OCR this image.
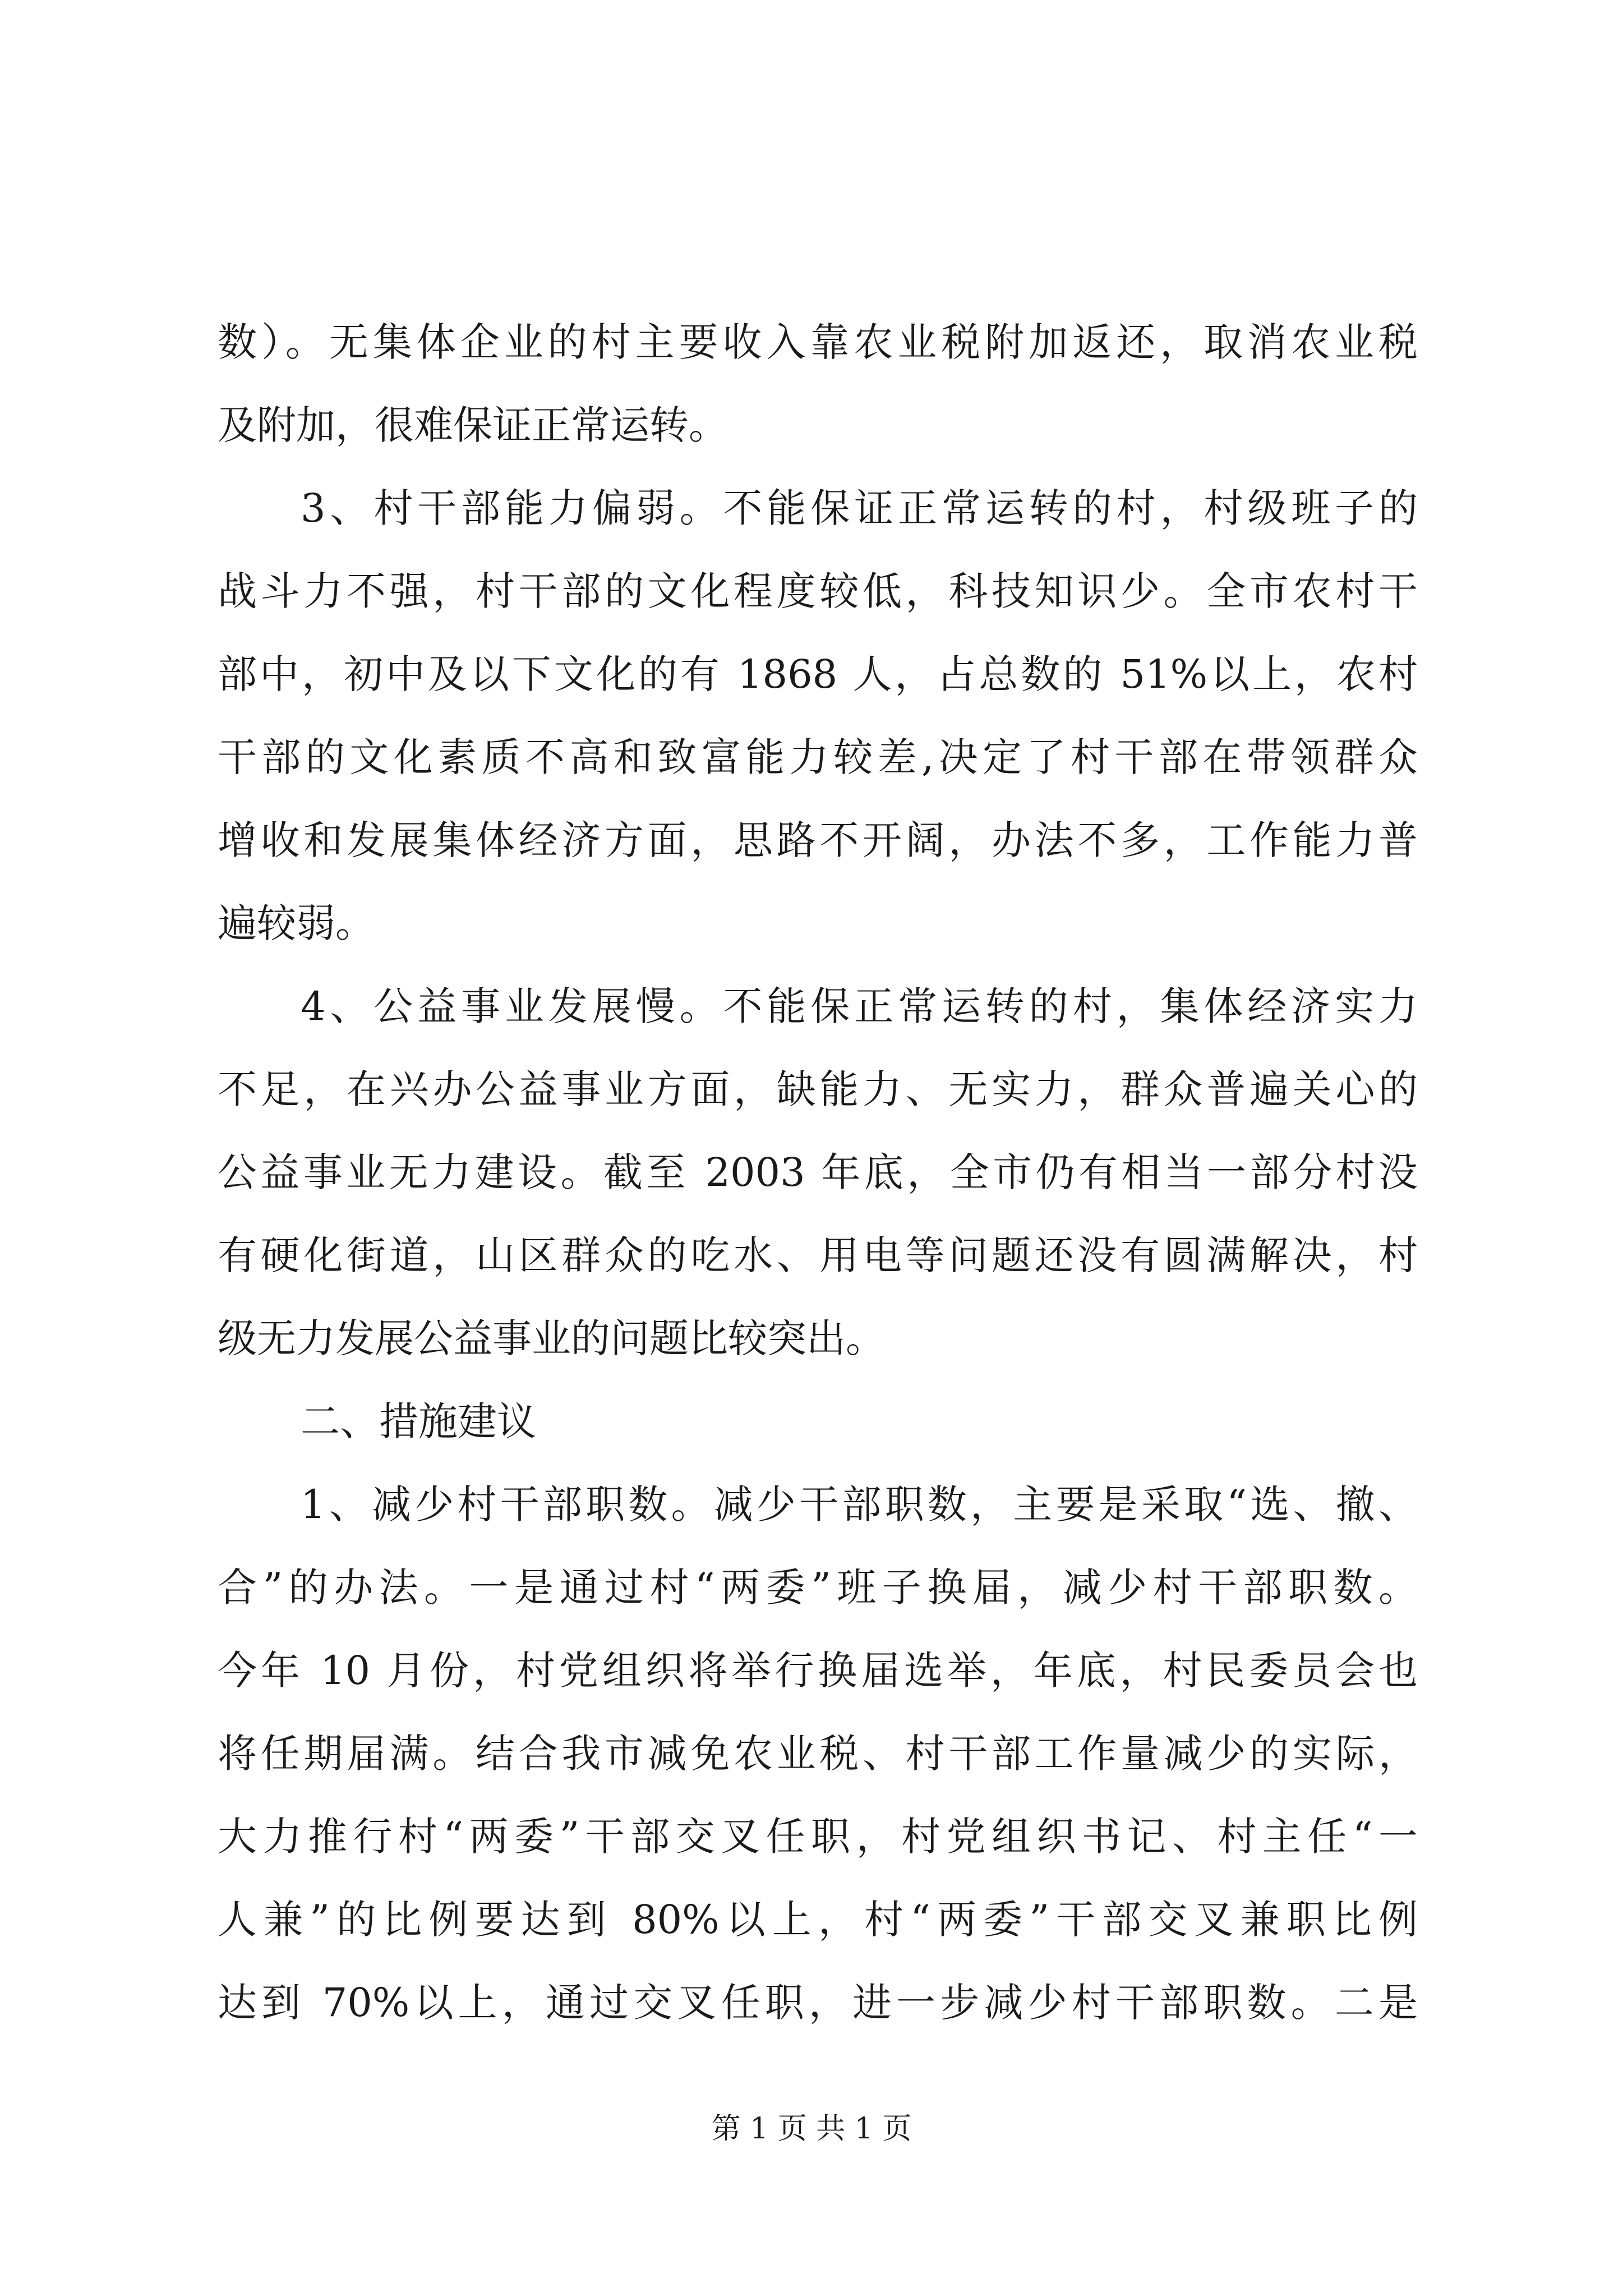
数）。无集体企业的村主要收入靠农业税附加返还，取消农业税
及附加，很难保证正常运转。
3、村干部能力偏弱。不能保证正常运转的村，村级班子的
战斗力不强，村干部的文化程度较低，科技知识少。全市农村干
部中，初中及以下文化的有 1868 人，占总数的 51%以上，农村
干部的文化素质不高和致富能力较差,决定了村干部在带领群众
增收和发展集体经济方面，思路不开阔，办法不多，工作能力普
遍较弱。
4、公益事业发展慢。不能保正常运转的村，集体经济实力
不足，在兴办公益事业方面，缺能力、无实力，群众普遍关心的
公益事业无力建设。截至 2003 年底，全市仍有相当一部分村没
有硬化街道，山区群众的吃水、用电等问题还没有圆满解决，村
级无力发展公益事业的问题比较突出。
二、措施建议
1、减少村干部职数。减少干部职数，主要是采取“选、撤、
合”的办法。一是通过村“两委”班子换届，减少村干部职数。
今年 10 月份，村党组织将举行换届选举，年底，村民委员会也
将任期届满。结合我市减免农业税、村干部工作量减少的实际，
大力推行村“两委”干部交叉任职，村党组织书记、村主任“一
人兼”的比例要达到 80%以上，村“两委”干部交叉兼职比例
达到 70%以上，通过交叉任职，进一步减少村干部职数。二是
第 1 页 共 1 页
